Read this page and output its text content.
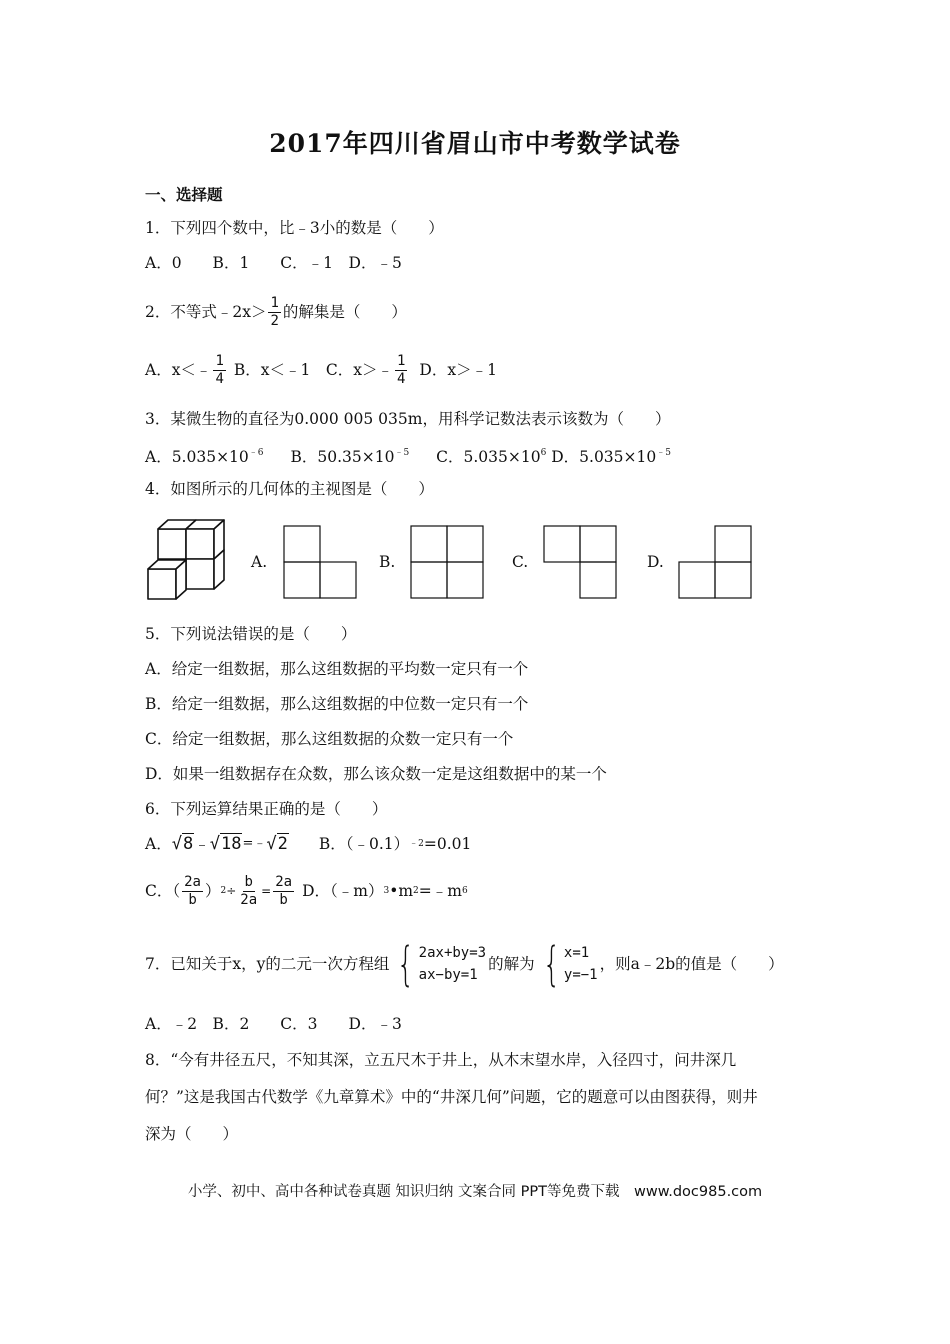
2017年四川省眉山市中考数学试卷
一、选择题
1．下列四个数中，比﹣3小的数是（　　）
A．0　　B．1　　C．﹣1　D．﹣5
2．不等式﹣2x＞ $\frac{1}{2}$ 的解集是（　　）
A．x＜﹣ $\frac{1}{4}$ B．x＜﹣1　C．x＞﹣ $\frac{1}{4}$ D．x＞﹣1
3．某微生物的直径为0.000 005 035m，用科学记数法表示该数为（　　）
A．$5.035\times 10^{﹣6}$ B．$50.35\times 10^{﹣5}$ C．$5.035\times 10^6$ D．$5.035\times 10^{﹣5}$
4．如图所示的几何体的主视图是（　　）
A.	B.	C.	D.
5．下列说法错误的是（　　）
A．给定一组数据，那么这组数据的平均数一定只有一个
B．给定一组数据，那么这组数据的中位数一定只有一个
C．给定一组数据，那么这组数据的众数一定只有一个
D．如果一组数据存在众数，那么该众数一定是这组数据中的某一个
6．下列运算结果正确的是（　　）
A． √8 ﹣ √18 =﹣ √2 B．（﹣0.1） ﹣2 =0.01
C．（ $\frac{2a}{b}$ ） $2 \div \frac{b}{2a} = \frac{2a}{b}$ D．（﹣m） 3 •m 2 =﹣m 6
7．已知关于x，y的二元一次方程组 { 2ax+by=3
ax−by=1
的解为 { x=1
y=−1
，则a﹣2b的值是（　　）
A．﹣2　B．2　　C．3　　D．﹣3
8．“今有井径五尺，不知其深，立五尺木于井上，从木末望水岸，入径四寸，问井深几
何？”这是我国古代数学《九章算术》中的“井深几何”问题，它的题意可以由图获得，则井
深为（　　）
小学、初中、高中各种试卷真题 知识归纳 文案合同 PPT等免费下载　www.doc985.com
